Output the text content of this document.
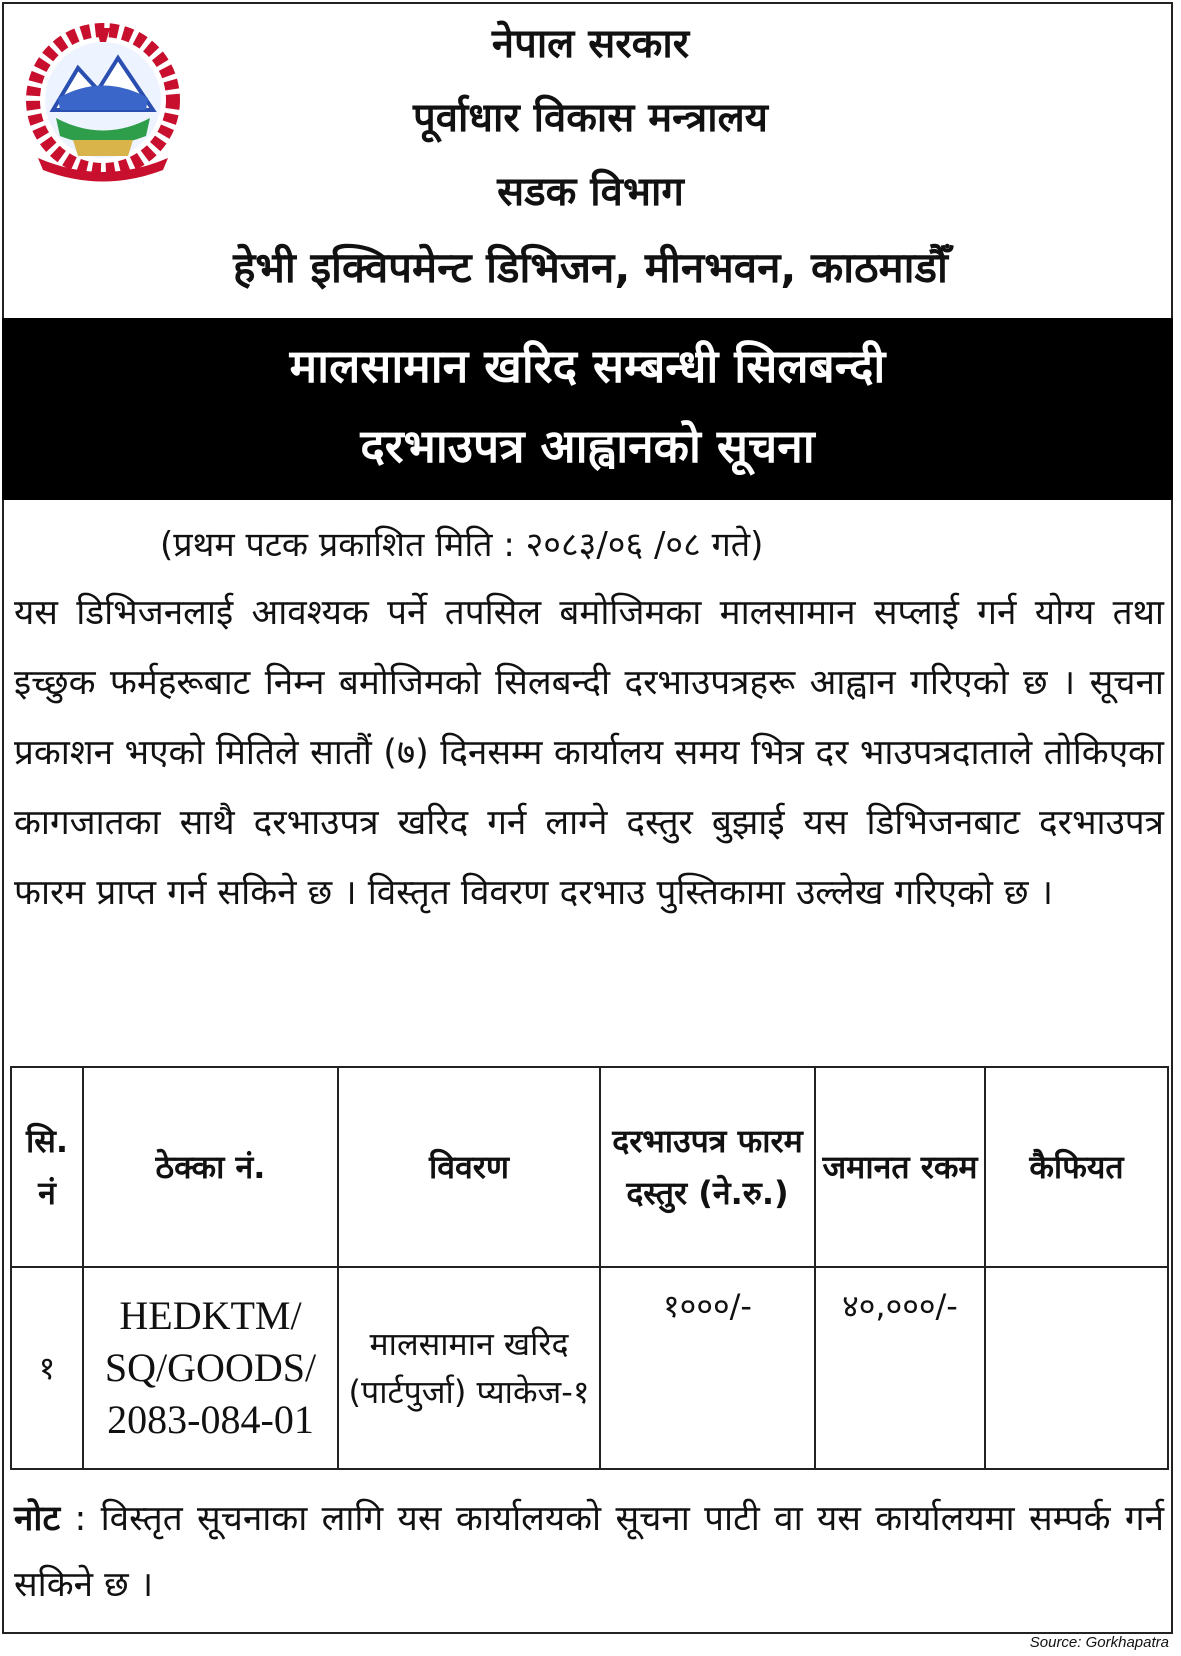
नेपाल सरकार
पूर्वाधार विकास मन्त्रालय
सडक विभाग
हेभी इक्विपमेन्ट डिभिजन, मीनभवन, काठमाडौँ
मालसामान खरिद सम्बन्धी सिलबन्दी
दरभाउपत्र आह्वानको सूचना
(प्रथम पटक प्रकाशित मिति : २०८३/०६ /०८ गते)
यस डिभिजनलाई आवश्यक पर्ने तपसिल बमोजिमका मालसामान सप्लाई गर्न योग्य तथा इच्छुक फर्महरूबाट निम्न बमोजिमको सिलबन्दी दरभाउपत्रहरू आह्वान गरिएको छ । सूचना प्रकाशन भएको मितिले सातौं (७) दिनसम्म कार्यालय समय भित्र दर भाउपत्रदाताले तोकिएका कागजातका साथै दरभाउपत्र खरिद गर्न लाग्ने दस्तुर बुझाई यस डिभिजनबाट दरभाउपत्र फारम प्राप्त गर्न सकिने छ । विस्तृत विवरण दरभाउ पुस्तिकामा उल्लेख गरिएको छ ।
सि. नं	ठेक्का नं.	विवरण	दरभाउपत्र फारम दस्तुर (ने.रु.)	जमानत रकम	कैफियत
१	HEDKTM/ SQ/GOODS/ 2083-084-01	मालसामान खरिद (पार्टपुर्जा) प्याकेज-१	१०००/-	४०,०००/-	
नोट : विस्तृत सूचनाका लागि यस कार्यालयको सूचना पाटी वा यस कार्यालयमा सम्पर्क गर्न सकिने छ ।
Source: Gorkhapatra
